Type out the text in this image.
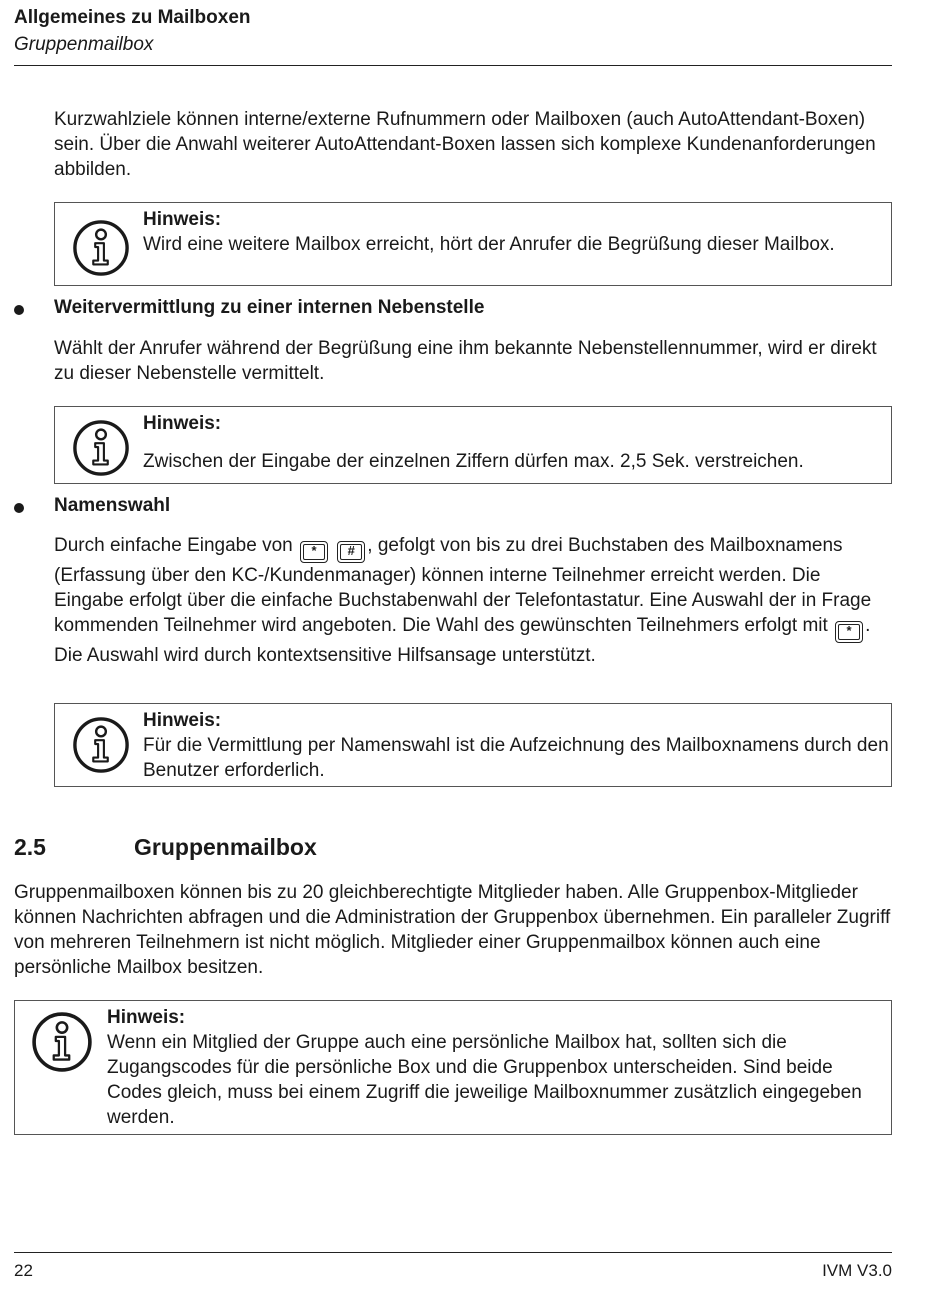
Allgemeines zu Mailboxen
Gruppenmailbox
Kurzwahlziele können interne/externe Rufnummern oder Mailboxen (auch AutoAttendant-Boxen) sein. Über die Anwahl weiterer AutoAttendant-Boxen lassen sich komplexe Kundenanforderungen abbilden.
Hinweis:
Wird eine weitere Mailbox erreicht, hört der Anrufer die Begrüßung dieser Mailbox.
Weitervermittlung zu einer internen Nebenstelle
Wählt der Anrufer während der Begrüßung eine ihm bekannte Nebenstellennummer, wird er direkt zu dieser Nebenstelle vermittelt.
Hinweis:
Zwischen der Eingabe der einzelnen Ziffern dürfen max. 2,5 Sek. verstreichen.
Namenswahl
Durch einfache Eingabe von * # , gefolgt von bis zu drei Buchstaben des Mailboxnamens (Erfassung über den KC-/Kundenmanager) können interne Teilnehmer erreicht werden. Die Eingabe erfolgt über die einfache Buchstabenwahl der Telefontastatur. Eine Auswahl der in Frage kommenden Teilnehmer wird angeboten. Die Wahl des gewünschten Teilnehmers erfolgt mit * . Die Auswahl wird durch kontextsensitive Hilfsansage unterstützt.
Hinweis:
Für die Vermittlung per Namenswahl ist die Aufzeichnung des Mailboxnamens durch den Benutzer erforderlich.
2.5	Gruppenmailbox
Gruppenmailboxen können bis zu 20 gleichberechtigte Mitglieder haben. Alle Gruppenbox-Mitglieder können Nachrichten abfragen und die Administration der Gruppenbox übernehmen. Ein paralleler Zugriff von mehreren Teilnehmern ist nicht möglich. Mitglieder einer Gruppenmailbox können auch eine persönliche Mailbox besitzen.
Hinweis:
Wenn ein Mitglied der Gruppe auch eine persönliche Mailbox hat, sollten sich die Zugangscodes für die persönliche Box und die Gruppenbox unterscheiden. Sind beide Codes gleich, muss bei einem Zugriff die jeweilige Mailboxnummer zusätzlich eingegeben werden.
22	IVM V3.0
